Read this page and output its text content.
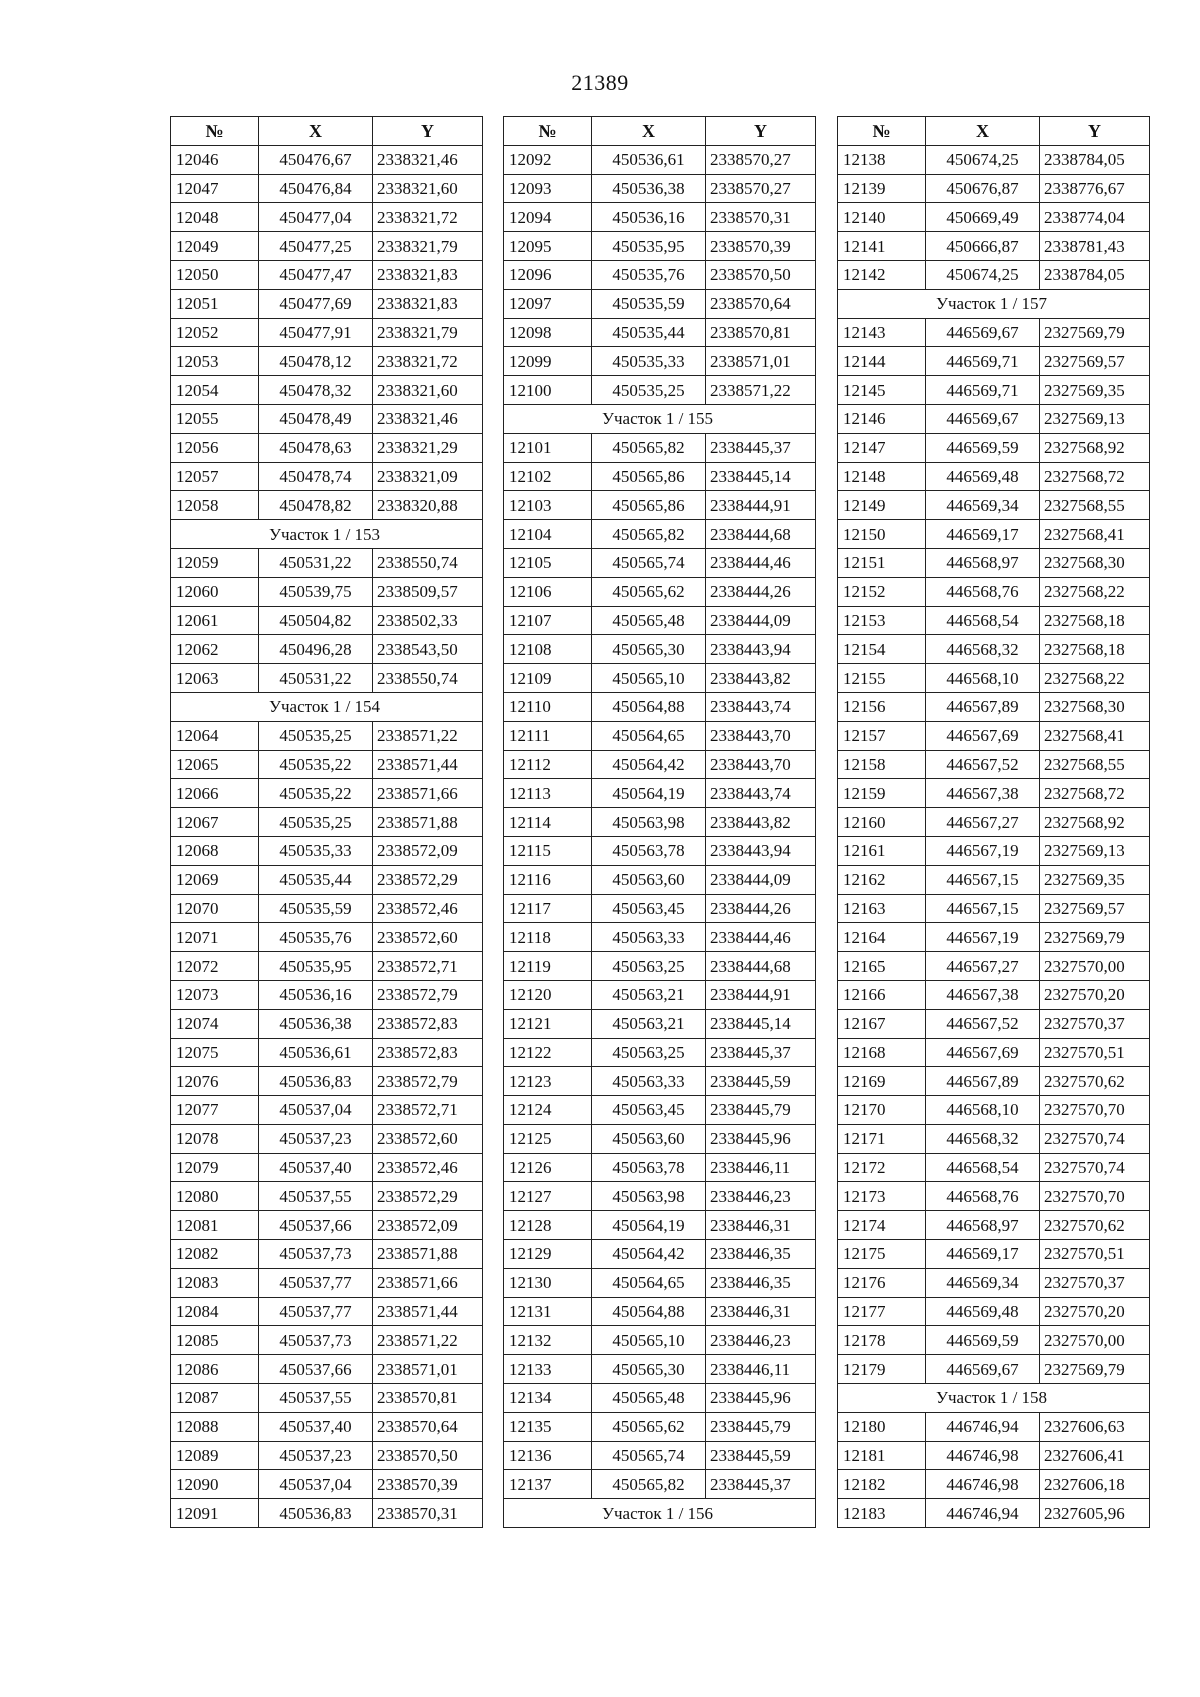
21389
№	X	Y
12046	450476,67	2338321,46
12047	450476,84	2338321,60
12048	450477,04	2338321,72
12049	450477,25	2338321,79
12050	450477,47	2338321,83
12051	450477,69	2338321,83
12052	450477,91	2338321,79
12053	450478,12	2338321,72
12054	450478,32	2338321,60
12055	450478,49	2338321,46
12056	450478,63	2338321,29
12057	450478,74	2338321,09
12058	450478,82	2338320,88
Участок 1 / 153		
12059	450531,22	2338550,74
12060	450539,75	2338509,57
12061	450504,82	2338502,33
12062	450496,28	2338543,50
12063	450531,22	2338550,74
Участок 1 / 154		
12064	450535,25	2338571,22
12065	450535,22	2338571,44
12066	450535,22	2338571,66
12067	450535,25	2338571,88
12068	450535,33	2338572,09
12069	450535,44	2338572,29
12070	450535,59	2338572,46
12071	450535,76	2338572,60
12072	450535,95	2338572,71
12073	450536,16	2338572,79
12074	450536,38	2338572,83
12075	450536,61	2338572,83
12076	450536,83	2338572,79
12077	450537,04	2338572,71
12078	450537,23	2338572,60
12079	450537,40	2338572,46
12080	450537,55	2338572,29
12081	450537,66	2338572,09
12082	450537,73	2338571,88
12083	450537,77	2338571,66
12084	450537,77	2338571,44
12085	450537,73	2338571,22
12086	450537,66	2338571,01
12087	450537,55	2338570,81
12088	450537,40	2338570,64
12089	450537,23	2338570,50
12090	450537,04	2338570,39
12091	450536,83	2338570,31
№	X	Y
12092	450536,61	2338570,27
12093	450536,38	2338570,27
12094	450536,16	2338570,31
12095	450535,95	2338570,39
12096	450535,76	2338570,50
12097	450535,59	2338570,64
12098	450535,44	2338570,81
12099	450535,33	2338571,01
12100	450535,25	2338571,22
Участок 1 / 155		
12101	450565,82	2338445,37
12102	450565,86	2338445,14
12103	450565,86	2338444,91
12104	450565,82	2338444,68
12105	450565,74	2338444,46
12106	450565,62	2338444,26
12107	450565,48	2338444,09
12108	450565,30	2338443,94
12109	450565,10	2338443,82
12110	450564,88	2338443,74
12111	450564,65	2338443,70
12112	450564,42	2338443,70
12113	450564,19	2338443,74
12114	450563,98	2338443,82
12115	450563,78	2338443,94
12116	450563,60	2338444,09
12117	450563,45	2338444,26
12118	450563,33	2338444,46
12119	450563,25	2338444,68
12120	450563,21	2338444,91
12121	450563,21	2338445,14
12122	450563,25	2338445,37
12123	450563,33	2338445,59
12124	450563,45	2338445,79
12125	450563,60	2338445,96
12126	450563,78	2338446,11
12127	450563,98	2338446,23
12128	450564,19	2338446,31
12129	450564,42	2338446,35
12130	450564,65	2338446,35
12131	450564,88	2338446,31
12132	450565,10	2338446,23
12133	450565,30	2338446,11
12134	450565,48	2338445,96
12135	450565,62	2338445,79
12136	450565,74	2338445,59
12137	450565,82	2338445,37
Участок 1 / 156		
№	X	Y
12138	450674,25	2338784,05
12139	450676,87	2338776,67
12140	450669,49	2338774,04
12141	450666,87	2338781,43
12142	450674,25	2338784,05
Участок 1 / 157		
12143	446569,67	2327569,79
12144	446569,71	2327569,57
12145	446569,71	2327569,35
12146	446569,67	2327569,13
12147	446569,59	2327568,92
12148	446569,48	2327568,72
12149	446569,34	2327568,55
12150	446569,17	2327568,41
12151	446568,97	2327568,30
12152	446568,76	2327568,22
12153	446568,54	2327568,18
12154	446568,32	2327568,18
12155	446568,10	2327568,22
12156	446567,89	2327568,30
12157	446567,69	2327568,41
12158	446567,52	2327568,55
12159	446567,38	2327568,72
12160	446567,27	2327568,92
12161	446567,19	2327569,13
12162	446567,15	2327569,35
12163	446567,15	2327569,57
12164	446567,19	2327569,79
12165	446567,27	2327570,00
12166	446567,38	2327570,20
12167	446567,52	2327570,37
12168	446567,69	2327570,51
12169	446567,89	2327570,62
12170	446568,10	2327570,70
12171	446568,32	2327570,74
12172	446568,54	2327570,74
12173	446568,76	2327570,70
12174	446568,97	2327570,62
12175	446569,17	2327570,51
12176	446569,34	2327570,37
12177	446569,48	2327570,20
12178	446569,59	2327570,00
12179	446569,67	2327569,79
Участок 1 / 158		
12180	446746,94	2327606,63
12181	446746,98	2327606,41
12182	446746,98	2327606,18
12183	446746,94	2327605,96
